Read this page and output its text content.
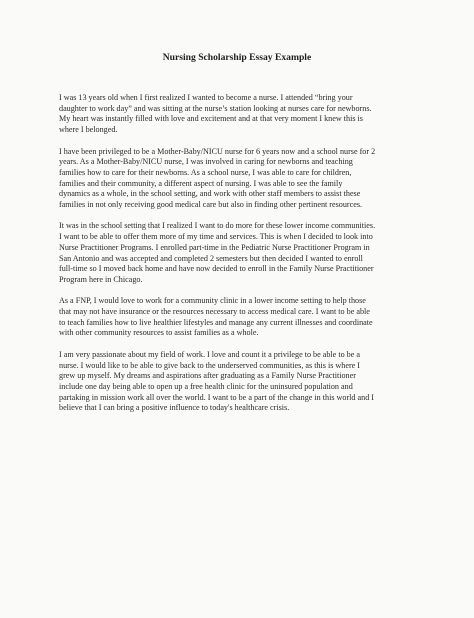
Nursing Scholarship Essay Example

I was 13 years old when I first realized I wanted to become a nurse. I attended “bring your
daughter to work day” and was sitting at the nurse’s station looking at nurses care for newborns.
My heart was instantly filled with love and excitement and at that very moment I knew this is
where I belonged.

I have been privileged to be a Mother-Baby/NICU nurse for 6 years now and a school nurse for 2
years. As a Mother-Baby/NICU nurse, I was involved in caring for newborns and teaching
families how to care for their newborns. As a school nurse, I was able to care for children,
families and their community, a different aspect of nursing. I was able to see the family
dynamics as a whole, in the school setting, and work with other staff members to assist these
families in not only receiving good medical care but also in finding other pertinent resources.

It was in the school setting that I realized I want to do more for these lower income communities.
I want to be able to offer them more of my time and services. This is when I decided to look into
Nurse Practitioner Programs. I enrolled part-time in the Pediatric Nurse Practitioner Program in
San Antonio and was accepted and completed 2 semesters but then decided I wanted to enroll
full-time so I moved back home and have now decided to enroll in the Family Nurse Practitioner
Program here in Chicago.

As a FNP, I would love to work for a community clinic in a lower income setting to help those
that may not have insurance or the resources necessary to access medical care. I want to be able
to teach families how to live healthier lifestyles and manage any current illnesses and coordinate
with other community resources to assist families as a whole.

I am very passionate about my field of work. I love and count it a privilege to be able to be a
nurse. I would like to be able to give back to the underserved communities, as this is where I
grew up myself. My dreams and aspirations after graduating as a Family Nurse Practitioner
include one day being able to open up a free health clinic for the uninsured population and
partaking in mission work all over the world. I want to be a part of the change in this world and I
believe that I can bring a positive influence to today's healthcare crisis.
